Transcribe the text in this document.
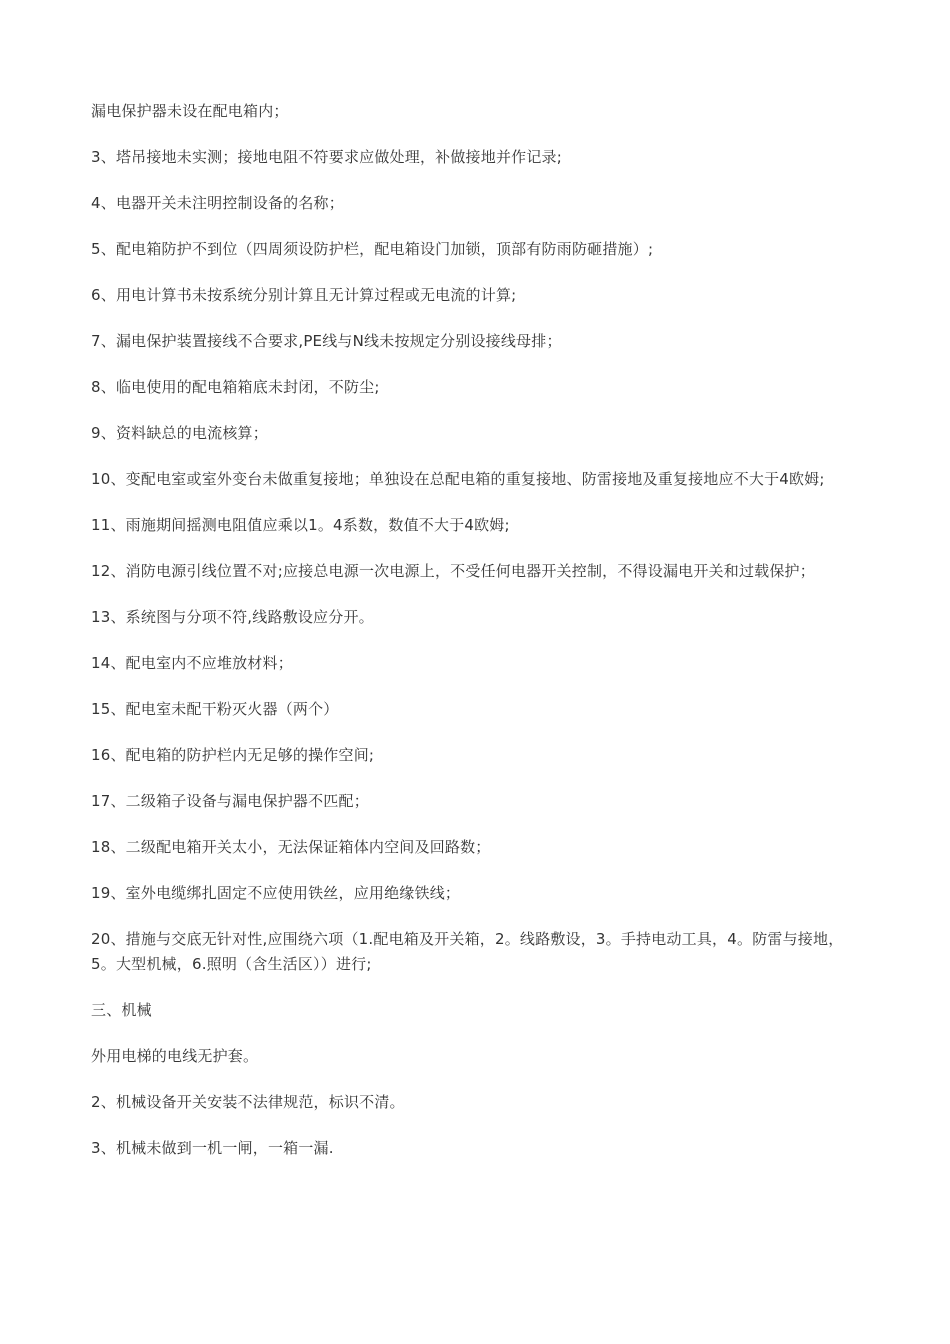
漏电保护器未设在配电箱内；

3、塔吊接地未实测；接地电阻不符要求应做处理，补做接地并作记录;

4、电器开关未注明控制设备的名称；

5、配电箱防护不到位（四周须设防护栏，配电箱设门加锁，顶部有防雨防砸措施）;

6、用电计算书未按系统分别计算且无计算过程或无电流的计算;

7、漏电保护装置接线不合要求,PE线与N线未按规定分别设接线母排；

8、临电使用的配电箱箱底未封闭，不防尘;

9、资料缺总的电流核算；

10、变配电室或室外变台未做重复接地；单独设在总配电箱的重复接地、防雷接地及重复接地应不大于4欧姆;

11、雨施期间摇测电阻值应乘以1。4系数，数值不大于4欧姆;

12、消防电源引线位置不对;应接总电源一次电源上，不受任何电器开关控制，不得设漏电开关和过载保护；

13、系统图与分项不符,线路敷设应分开。

14、配电室内不应堆放材料；

15、配电室未配干粉灭火器（两个）

16、配电箱的防护栏内无足够的操作空间;

17、二级箱子设备与漏电保护器不匹配；

18、二级配电箱开关太小，无法保证箱体内空间及回路数；

19、室外电缆绑扎固定不应使用铁丝，应用绝缘铁线；

20、措施与交底无针对性,应围绕六项（1.配电箱及开关箱，2。线路敷设，3。手持电动工具，4。防雷与接地，5。大型机械，6.照明（含生活区））进行;

三、机械

外用电梯的电线无护套。

2、机械设备开关安装不法律规范，标识不清。

3、机械未做到一机一闸，一箱一漏.
